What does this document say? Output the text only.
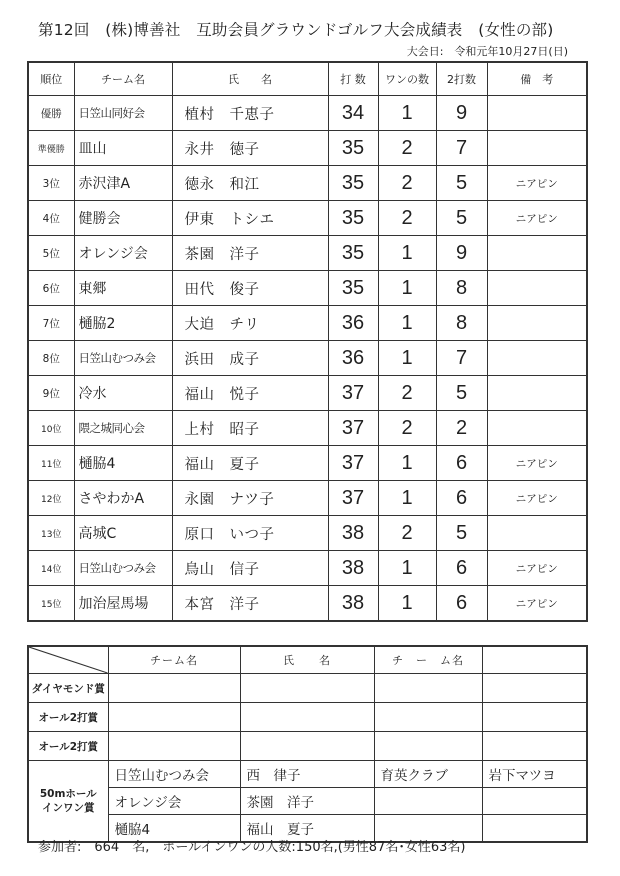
第12回　(株)博善社　互助会員グラウンドゴルフ大会成績表　(女性の部)
大会日:　令和元年10月27日(日)
順位	チーム名	氏　　名	打 数	ワンの数	2打数	備　考
優勝	日笠山同好会	植村　千恵子	34	1	9	
準優勝	皿山	永井　徳子	35	2	7	
3位	赤沢津A	徳永　和江	35	2	5	ニアピン
4位	健勝会	伊東　トシエ	35	2	5	ニアピン
5位	オレンジ会	茶園　洋子	35	1	9	
6位	東郷	田代　俊子	35	1	8	
7位	樋脇2	大迫　チリ	36	1	8	
8位	日笠山むつみ会	浜田　成子	36	1	7	
9位	冷水	福山　悦子	37	2	5	
10位	隈之城同心会	上村　昭子	37	2	2	
11位	樋脇4	福山　夏子	37	1	6	ニアピン
12位	さやわかA	永園　ナツ子	37	1	6	ニアピン
13位	高城C	原口　いつ子	38	2	5	
14位	日笠山むつみ会	鳥山　信子	38	1	6	ニアピン
15位	加治屋馬場	本宮　洋子	38	1	6	ニアピン
	チーム名	氏　　名	チ　ー　ム名	
ダイヤモンド賞				
オール2打賞				
オール2打賞				
50mホール
インワン賞	日笠山むつみ会	西　律子	育英クラブ	岩下マツヨ
	オレンジ会	茶園　洋子		
	樋脇4	福山　夏子		
参加者:　664　名,　ホールインワンの人数:150名,(男性87名･女性63名)
